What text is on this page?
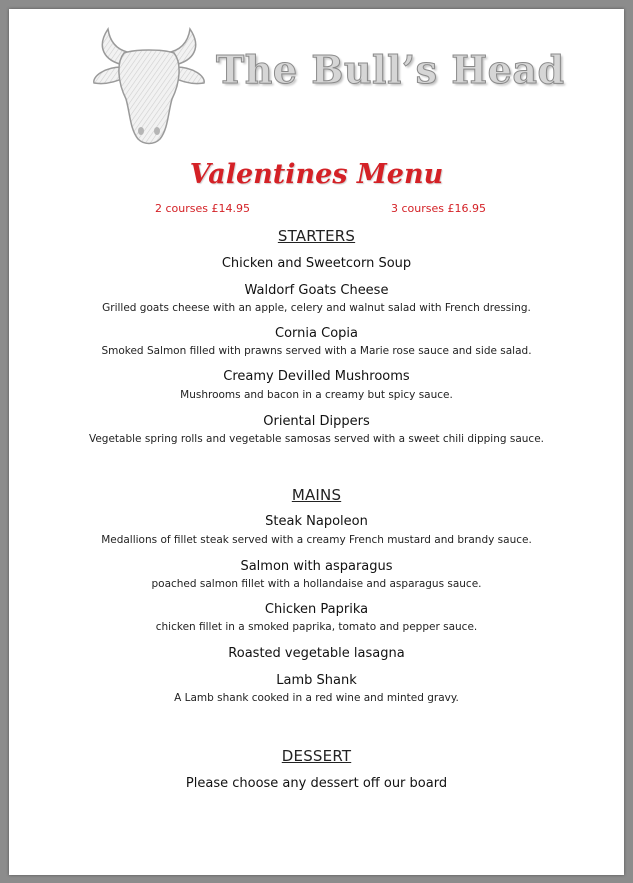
The Bull’s Head
Valentines Menu
2 courses £14.95	3 courses £16.95
STARTERS
Chicken and Sweetcorn Soup
Waldorf Goats Cheese
Grilled goats cheese with an apple, celery and walnut salad with French dressing.
Cornia Copia
Smoked Salmon filled with prawns served with a Marie rose sauce and side salad.
Creamy Devilled Mushrooms
Mushrooms and bacon in a creamy but spicy sauce.
Oriental Dippers
Vegetable spring rolls and vegetable samosas served with a sweet chili dipping sauce.
MAINS
Steak Napoleon
Medallions of fillet steak served with a creamy French mustard and brandy sauce.
Salmon with asparagus
poached salmon fillet with a hollandaise and asparagus sauce.
Chicken Paprika
chicken fillet in a smoked paprika, tomato and pepper sauce.
Roasted vegetable lasagna
Lamb Shank
A Lamb shank cooked in a red wine and minted gravy.
DESSERT
Please choose any dessert off our board
